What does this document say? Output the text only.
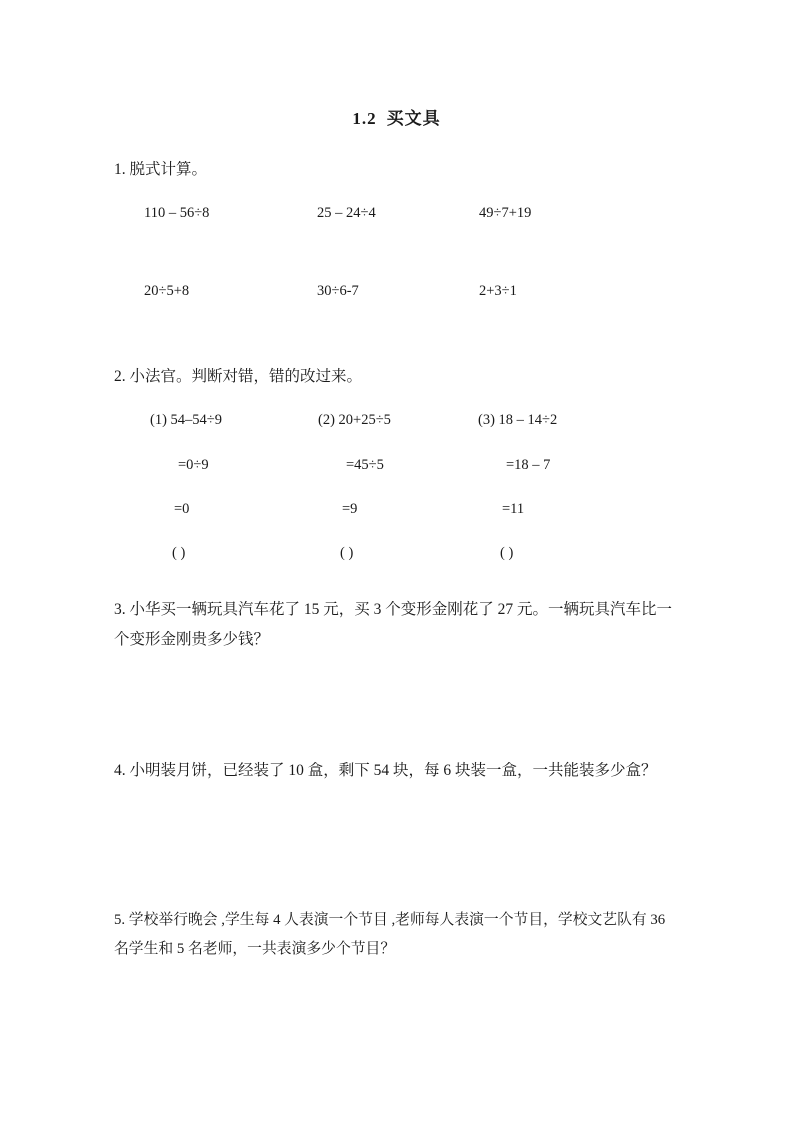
1.2 买文具
1. 脱式计算。
110 – 56÷8	25 – 24÷4	49÷7+19
20÷5+8	30÷6-7	2+3÷1
2. 小法官。判断对错，错的改过来。
(1) 54–54÷9	(2) 20+25÷5	(3) 18 – 14÷2
=0÷9	=45÷5	=18 – 7
=0	=9	=11
( )	( )	( )

3. 小华买一辆玩具汽车花了 15 元，买 3 个变形金刚花了 27 元。一辆玩具汽车比一个变形金刚贵多少钱？

4. 小明装月饼，已经装了 10 盒，剩下 54 块，每 6 块装一盒，一共能装多少盒？

5. 学校举行晚会 ,学生每 4 人表演一个节目 ,老师每人表演一个节目，学校文艺队有 36 名学生和 5 名老师，一共表演多少个节目？
